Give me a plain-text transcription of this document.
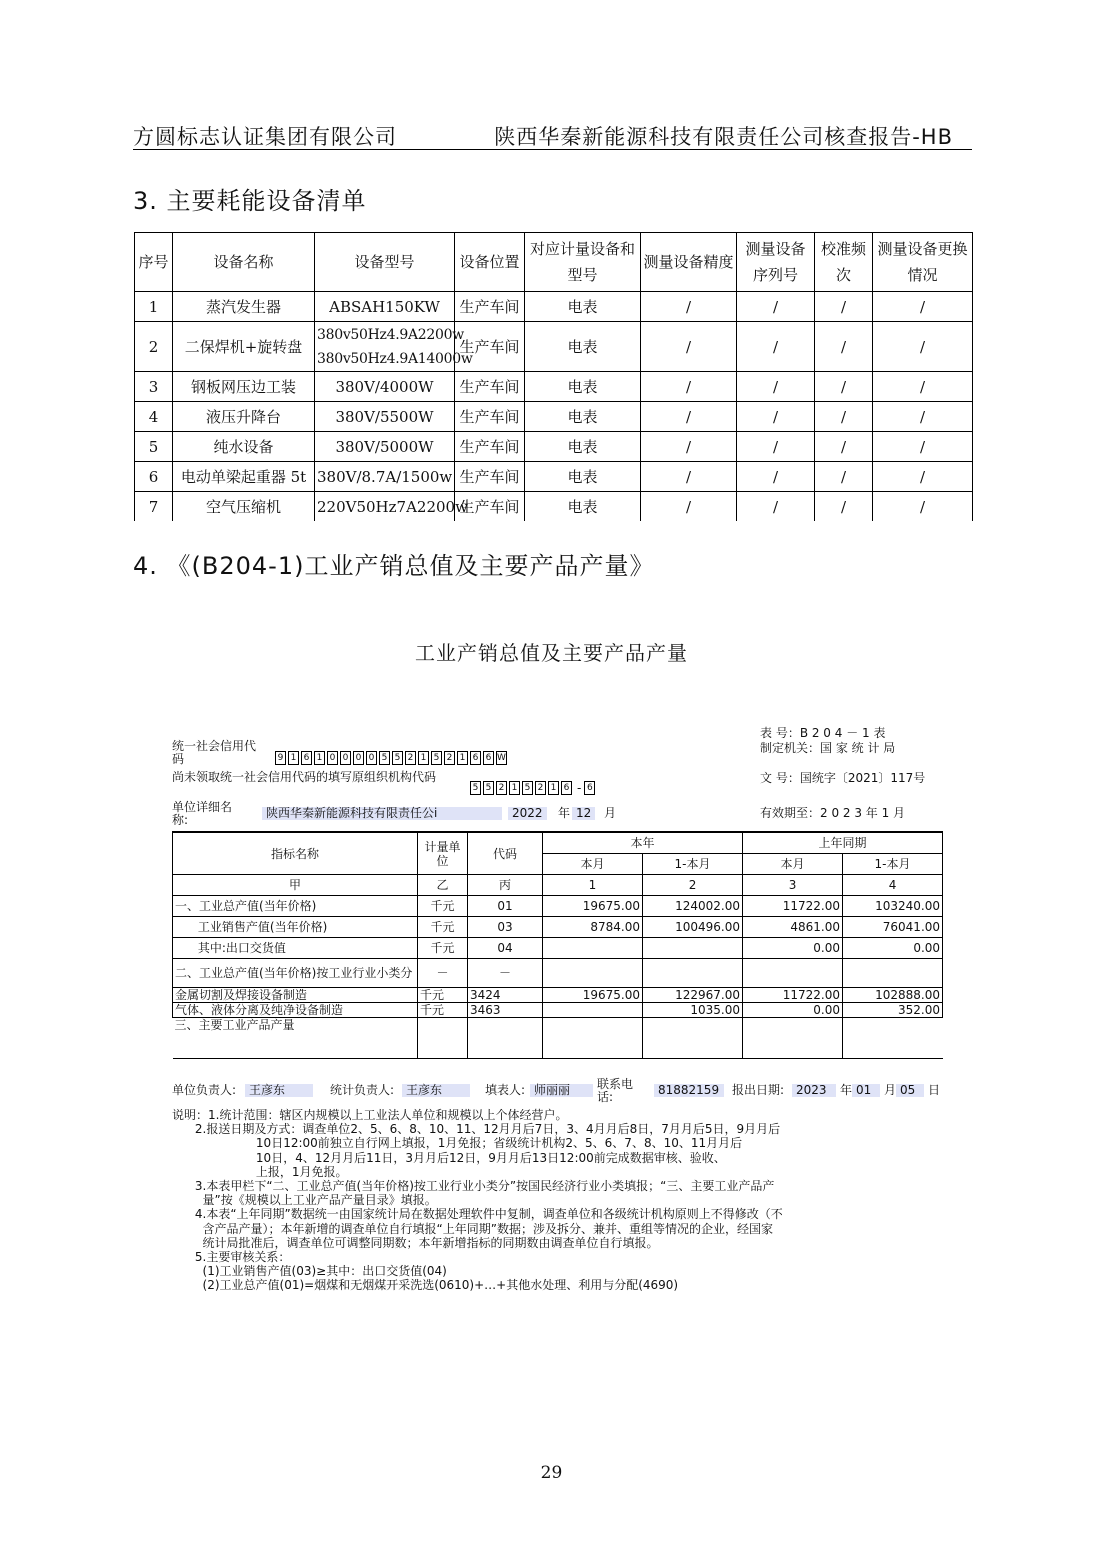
方圆标志认证集团有限公司	陕西华秦新能源科技有限责任公司核查报告-HB
3. 主要耗能设备清单
序号	设备名称	设备型号	设备位置	对应计量设备和型号	测量设备精度	测量设备序列号	校准频次	测量设备更换情况
1	蒸汽发生器	ABSAH150KW	生产车间	电表	/	/	/	/
2	二保焊机+旋转盘	380v50Hz4.9A2200w 380v50Hz4.9A14000w	生产车间	电表	/	/	/	/
3	钢板网压边工装	380V/4000W	生产车间	电表	/	/	/	/
4	液压升降台	380V/5500W	生产车间	电表	/	/	/	/
5	纯水设备	380V/5000W	生产车间	电表	/	/	/	/
6	电动单梁起重器 5t	380V/8.7A/1500w	生产车间	电表	/	/	/	/
7	空气压缩机	220V50Hz7A2200w	生产车间	电表	/	/	/	/
4. 《(B204-1)工业产销总值及主要产品产量》
工业产销总值及主要产品产量
统一社会信用代码	9 1 6 1 0 0 0 0 5 5 2 1 5 2 1 6 6 W
尚未领取统一社会信用代码的填写原组织机构代码
5 5 2 1 5 2 1 6 - 6
单位详细名称:	陕西华秦新能源科技有限责任公i	2022	年 12	月
表 号：B 2 0 4 － 1 表
制定机关：国 家 统 计 局
文 号：国统字〔2021〕117号
有效期至：2 0 2 3 年 1 月
指标名称	计量单位	代码	本年		上年同期	
			本月	1-本月	本月	1-本月
甲	乙	丙	1	2	3	4
一、工业总产值(当年价格)	千元	01	19675.00	124002.00	11722.00	103240.00
工业销售产值(当年价格)	千元	03	8784.00	100496.00	4861.00	76041.00
其中:出口交货值	千元	04			0.00	0.00
二、工业总产值(当年价格)按工业行业小类分	－	－				
金属切割及焊接设备制造	千元	3424	19675.00	122967.00	11722.00	102888.00
气体、液体分离及纯净设备制造	千元	3463		1035.00	0.00	352.00
三、主要工业产品产量						
单位负责人:	王彦东	统计负责人: 王彦东	填表人: 师丽丽	联系电话:	81882159	报出日期: 2023	年 01	月 05	日
说明：1.统计范围：辖区内规模以上工业法人单位和规模以上个体经营户。
2.报送日期及方式：调查单位2、5、6、8、10、11、12月月后7日，3、4月月后8日，7月月后5日，9月月后
10日12:00前独立自行网上填报，1月免报；省级统计机构2、5、6、7、8、10、11月月后
10日，4、12月月后11日，3月月后12日，9月月后13日12:00前完成数据审核、验收、
上报，1月免报。
3.本表甲栏下“二、工业总产值(当年价格)按工业行业小类分”按国民经济行业小类填报；“三、主要工业产品产
量”按《规模以上工业产品产量目录》填报。
4.本表“上年同期”数据统一由国家统计局在数据处理软件中复制，调查单位和各级统计机构原则上不得修改（不
含产品产量）；本年新增的调查单位自行填报“上年同期”数据；涉及拆分、兼并、重组等情况的企业，经国家
统计局批准后，调查单位可调整同期数；本年新增指标的同期数由调查单位自行填报。
5.主要审核关系：
(1)工业销售产值(03)≥其中：出口交货值(04)
(2)工业总产值(01)=烟煤和无烟煤开采洗选(0610)+…+其他水处理、利用与分配(4690)
29
